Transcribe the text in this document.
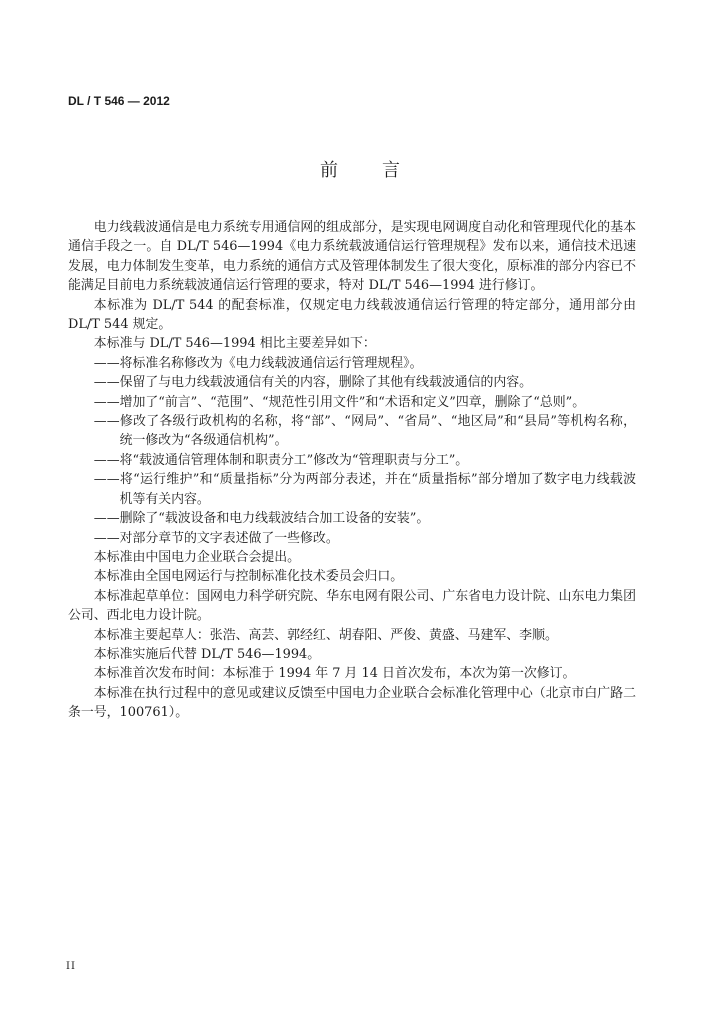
DL / T 546 — 2012
前言

电力线载波通信是电力系统专用通信网的组成部分，是实现电网调度自动化和管理现代化的基本通信手段之一。自 DL/T 546—1994《电力系统载波通信运行管理规程》发布以来，通信技术迅速发展，电力体制发生变革，电力系统的通信方式及管理体制发生了很大变化，原标准的部分内容已不能满足目前电力系统载波通信运行管理的要求，特对 DL/T 546—1994 进行修订。

本标准为 DL/T 544 的配套标准，仅规定电力线载波通信运行管理的特定部分，通用部分由 DL/T 544 规定。

本标准与 DL/T 546—1994 相比主要差异如下：

——将标准名称修改为《电力线载波通信运行管理规程》。

——保留了与电力线载波通信有关的内容，删除了其他有线载波通信的内容。

——增加了“前言”、“范围”、“规范性引用文件”和“术语和定义”四章，删除了“总则”。

——修改了各级行政机构的名称，将“部”、“网局”、“省局”、“地区局”和“县局”等机构名称，统一修改为“各级通信机构”。

——将“载波通信管理体制和职责分工”修改为“管理职责与分工”。

——将“运行维护”和“质量指标”分为两部分表述，并在“质量指标”部分增加了数字电力线载波机等有关内容。

——删除了“载波设备和电力线载波结合加工设备的安装”。

——对部分章节的文字表述做了一些修改。

本标准由中国电力企业联合会提出。

本标准由全国电网运行与控制标准化技术委员会归口。

本标准起草单位：国网电力科学研究院、华东电网有限公司、广东省电力设计院、山东电力集团公司、西北电力设计院。

本标准主要起草人：张浩、高芸、郭经红、胡春阳、严俊、黄盛、马建军、李顺。

本标准实施后代替 DL/T 546—1994。

本标准首次发布时间：本标准于 1994 年 7 月 14 日首次发布，本次为第一次修订。

本标准在执行过程中的意见或建议反馈至中国电力企业联合会标准化管理中心（北京市白广路二条一号，100761）。

II
